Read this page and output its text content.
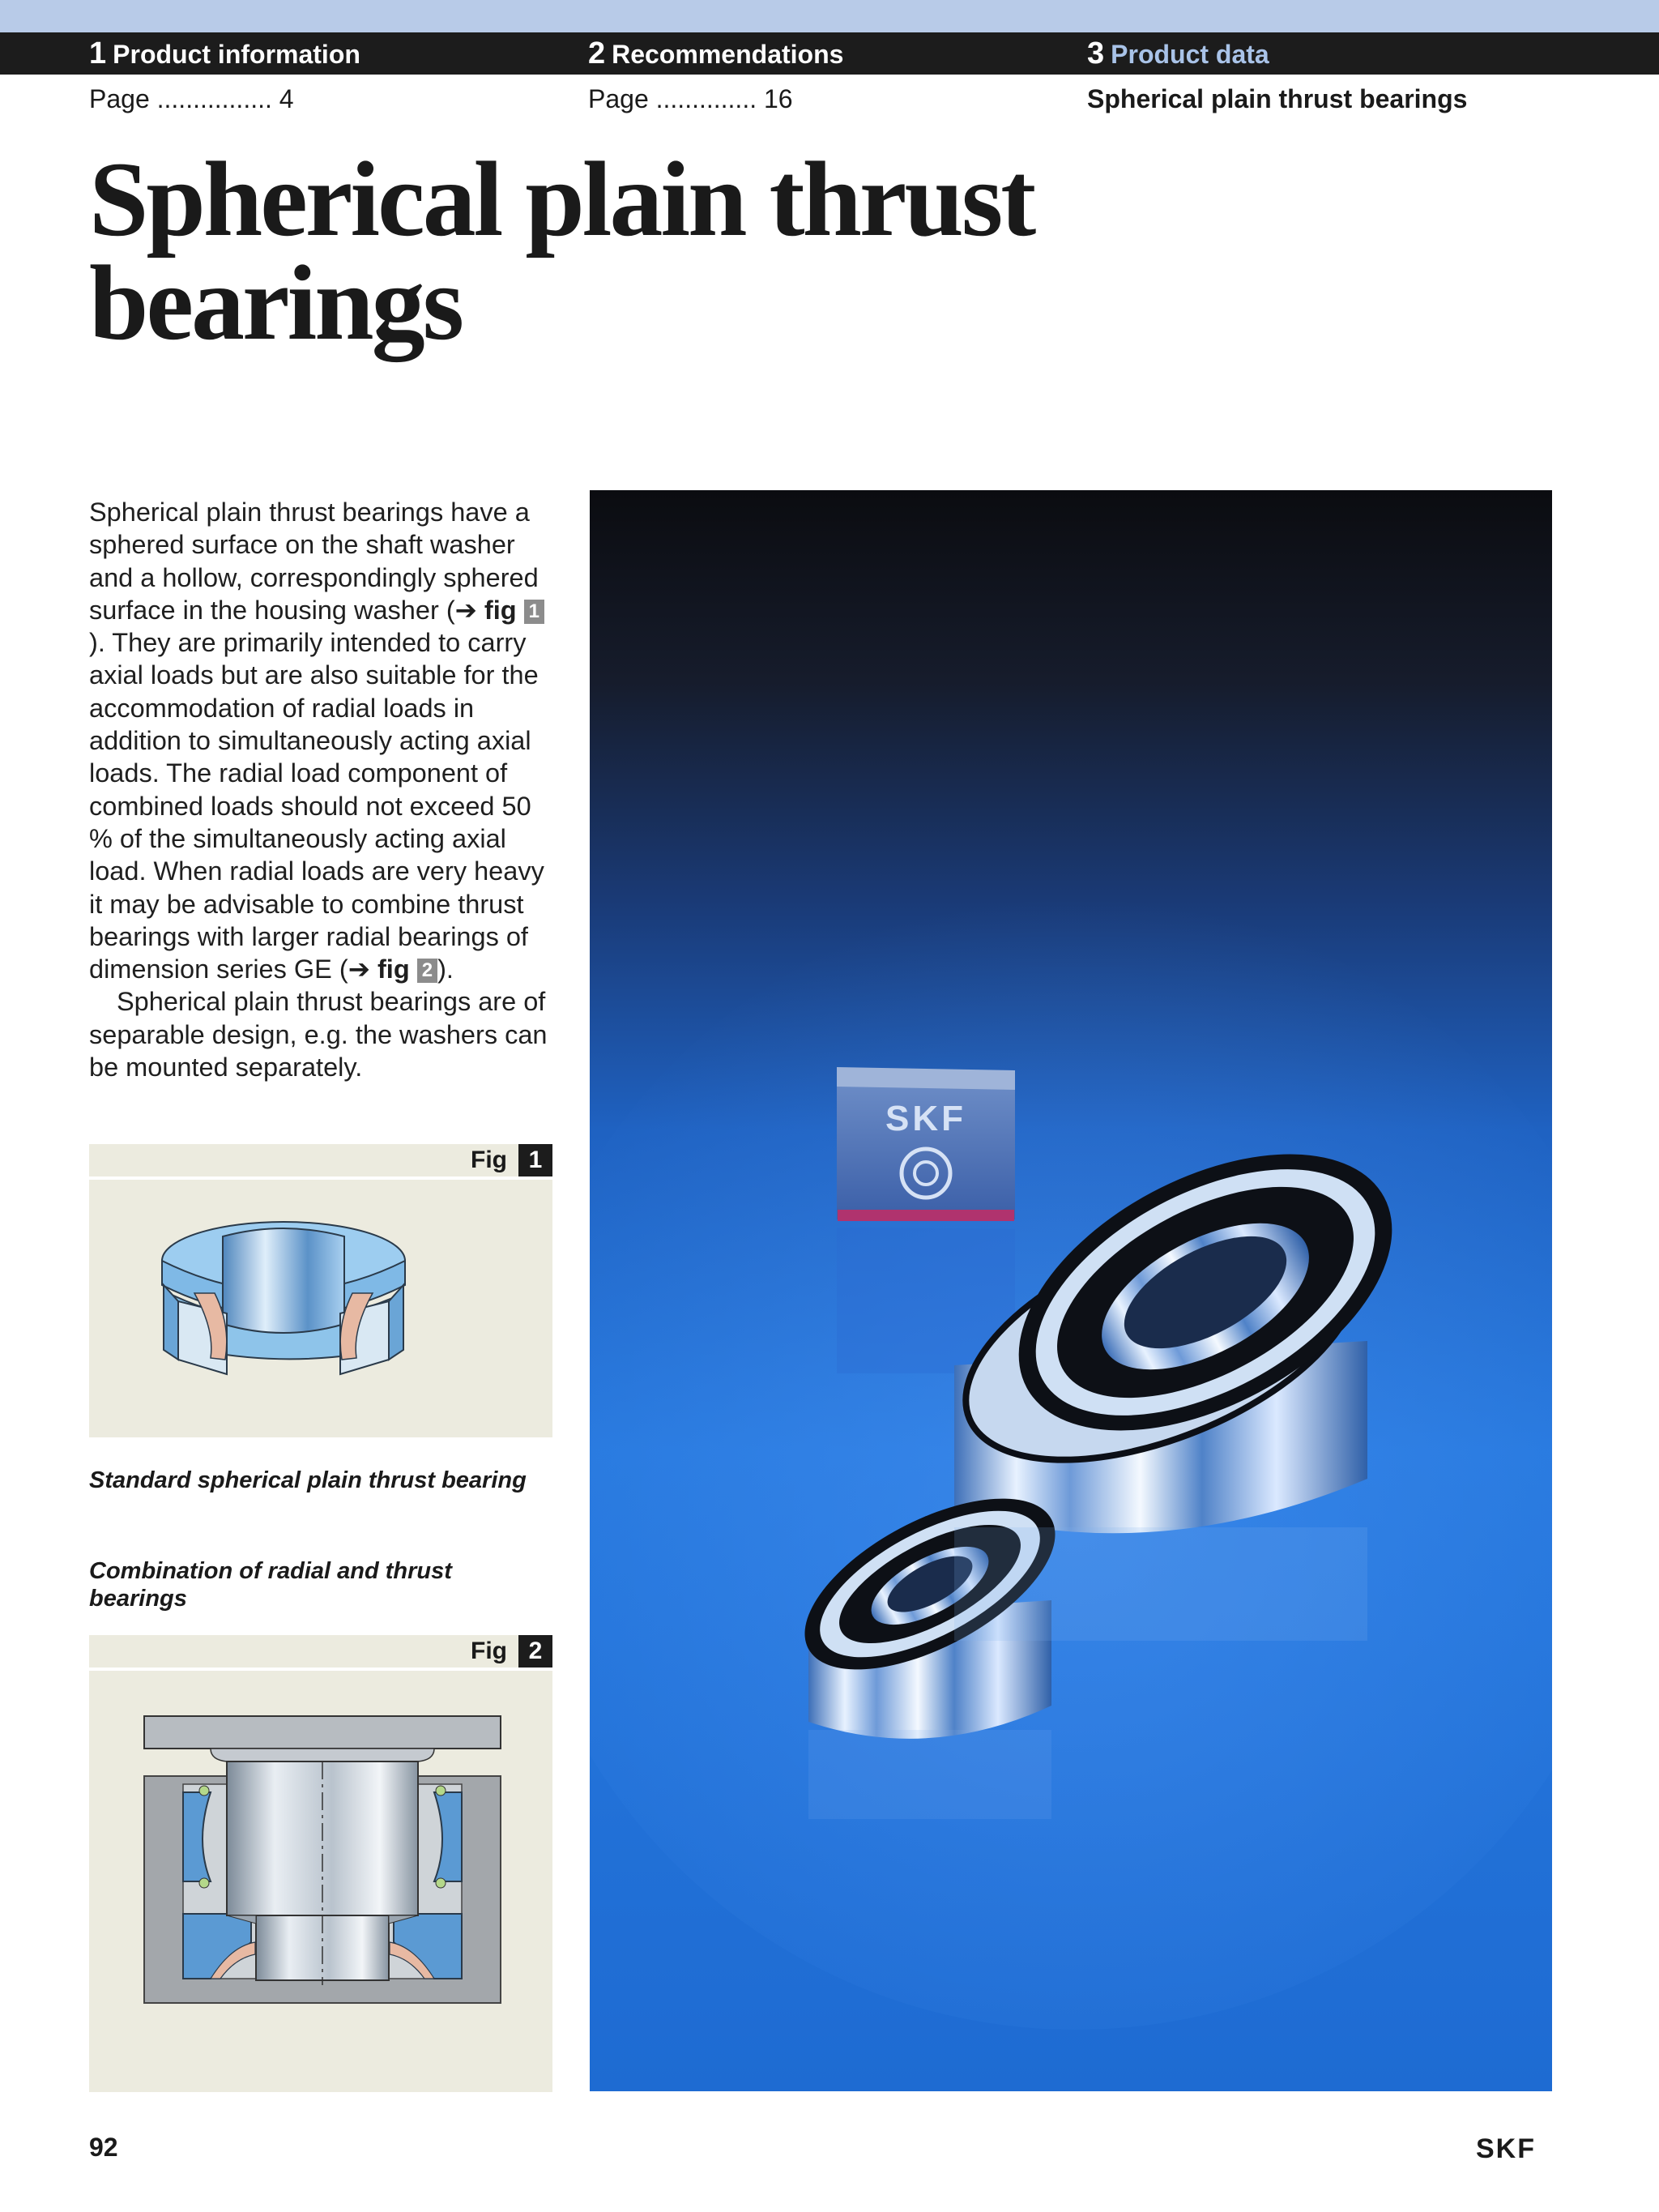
1 Product information	2 Recommendations	3 Product data
Page ................ 4	Page .............. 16	Spherical plain thrust bearings
Spherical plain thrust
bearings

Spherical plain thrust bearings have a sphered surface on the shaft washer and a hollow, correspondingly sphered surface in the housing washer (➔ fig 1). They are primarily intended to carry axial loads but are also suitable for the accommodation of radial loads in addition to simultaneously acting axial loads. The radial load component of combined loads should not exceed 50 % of the simultaneously acting axial load. When radial loads are very heavy it may be advisable to combine thrust bearings with larger radial bearings of dimension series GE (➔ fig 2 ).

Spherical plain thrust bearings are of separable design, e.g. the washers can be mounted separately.

Fig 1
Standard spherical plain thrust bearing
Combination of radial and thrust bearings
Fig 2
SKF
92	SKF
